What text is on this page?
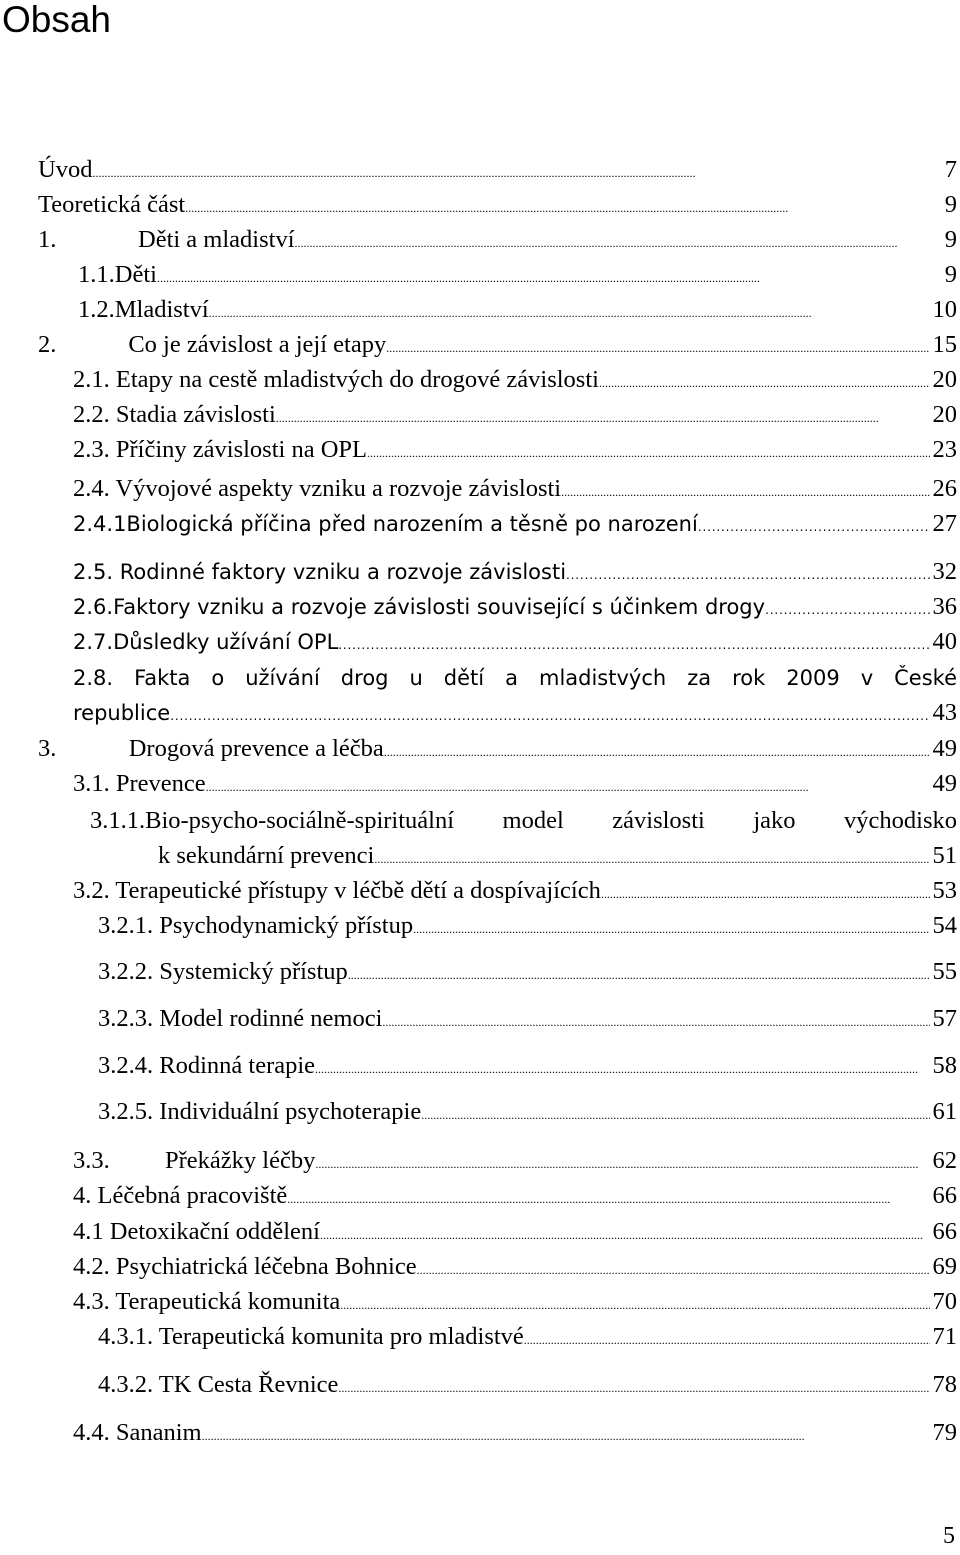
Obsah
Úvod . . .	7
Teoretická část . . .	9
1.	Děti a mladiství . . .	9
1.1.Děti . . .	9
1.2.Mladiství . . .	10
2.	Co je závislost a její etapy . . .	15
2.1. Etapy na cestě mladistvých do drogové závislosti . . .	20
2.2. Stadia závislosti . . .	20
2.3. Příčiny závislosti na OPL . . .	23
2.4. Vývojové aspekty vzniku a rozvoje závislosti . . .	26
2.4.1Biologická příčina před narozením a těsně po narození . . .	27
2.5. Rodinné faktory vzniku a rozvoje závislosti . . .	32
2.6.Faktory vzniku a rozvoje závislosti související s účinkem drogy . . .	36
2.7.Důsledky užívání OPL . . .	40
2.8. Fakta o užívání drog u dětí a mladistvých za rok 2009 v České
republice . . .	43
3.	Drogová prevence a léčba . . .	49
3.1. Prevence . . .	49
3.1.1.Bio-psycho-sociálně-spirituální model závislosti jako východisko
k sekundární prevenci . . .	51
3.2. Terapeutické přístupy v léčbě dětí a dospívajících . . .	53
3.2.1. Psychodynamický přístup . . .	54
3.2.2. Systemický přístup . . .	55
3.2.3. Model rodinné nemoci . . .	57
3.2.4. Rodinná terapie . . .	58
3.2.5. Individuální psychoterapie . . .	61
3.3.	Překážky léčby . . .	62
4. Léčebná pracoviště . . .	66
4.1 Detoxikační oddělení . . .	66
4.2. Psychiatrická léčebna Bohnice . . .	69
4.3. Terapeutická komunita . . .	70
4.3.1. Terapeutická komunita pro mladistvé . . .	71
4.3.2. TK Cesta Řevnice . . .	78
4.4. Sananim . . .	79
5
